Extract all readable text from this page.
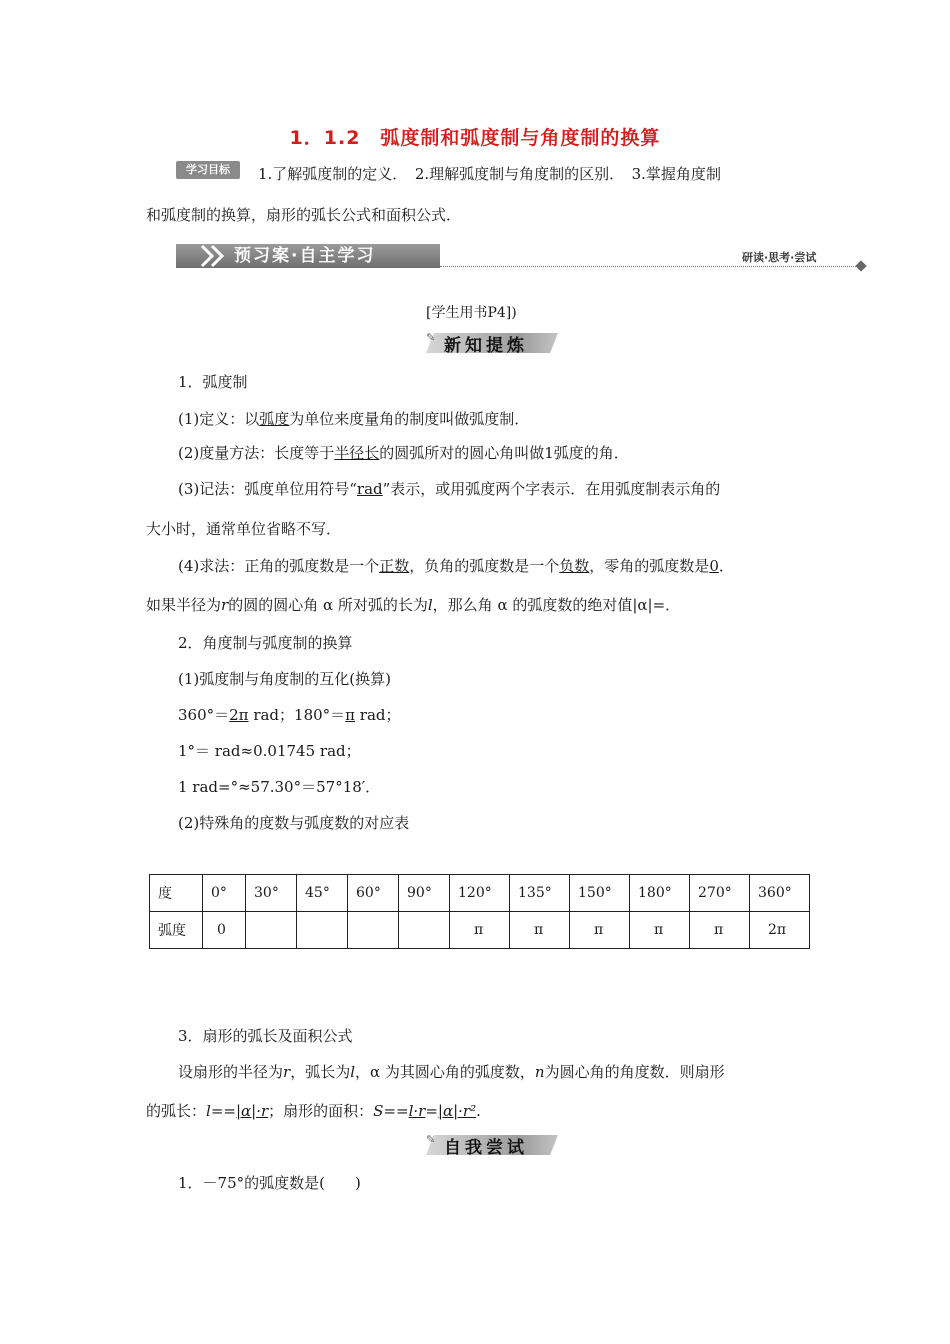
1．1.2　弧度制和弧度制与角度制的换算
学习目标	1.了解弧度制的定义．　2.理解弧度制与角度制的区别．　3.掌握角度制
和弧度制的换算，扇形的弧长公式和面积公式．
预习案·自主学习	研读·思考·尝试
[学生用书P4])
✎ 新知提炼
1．弧度制
(1)定义：以弧度为单位来度量角的制度叫做弧度制．
(2)度量方法：长度等于半径长的圆弧所对的圆心角叫做1弧度的角．
(3)记法：弧度单位用符号“rad”表示，或用弧度两个字表示．在用弧度制表示角的
大小时，通常单位省略不写．
(4)求法：正角的弧度数是一个正数，负角的弧度数是一个负数，零角的弧度数是0．
如果半径为r的圆的圆心角 α 所对弧的长为l，那么角 α 的弧度数的绝对值|α|=．
2．角度制与弧度制的换算
(1)弧度制与角度制的互化(换算)
360°＝2π rad；180°＝π rad；
1°＝ rad≈0.01745 rad；
1 rad=°≈57.30°＝57°18′．
(2)特殊角的度数与弧度数的对应表
度	0°	30°	45°	60°	90°	120°	135°	150°	180°	270°	360°
弧度	0					π	π	π	π	π	2π
3．扇形的弧长及面积公式
设扇形的半径为r，弧长为l，α 为其圆心角的弧度数，n为圆心角的角度数．则扇形
的弧长：l==|α|·r；扇形的面积：S==l·r=|α|·r².
✎ 自我尝试
1．－75°的弧度数是(　　)
